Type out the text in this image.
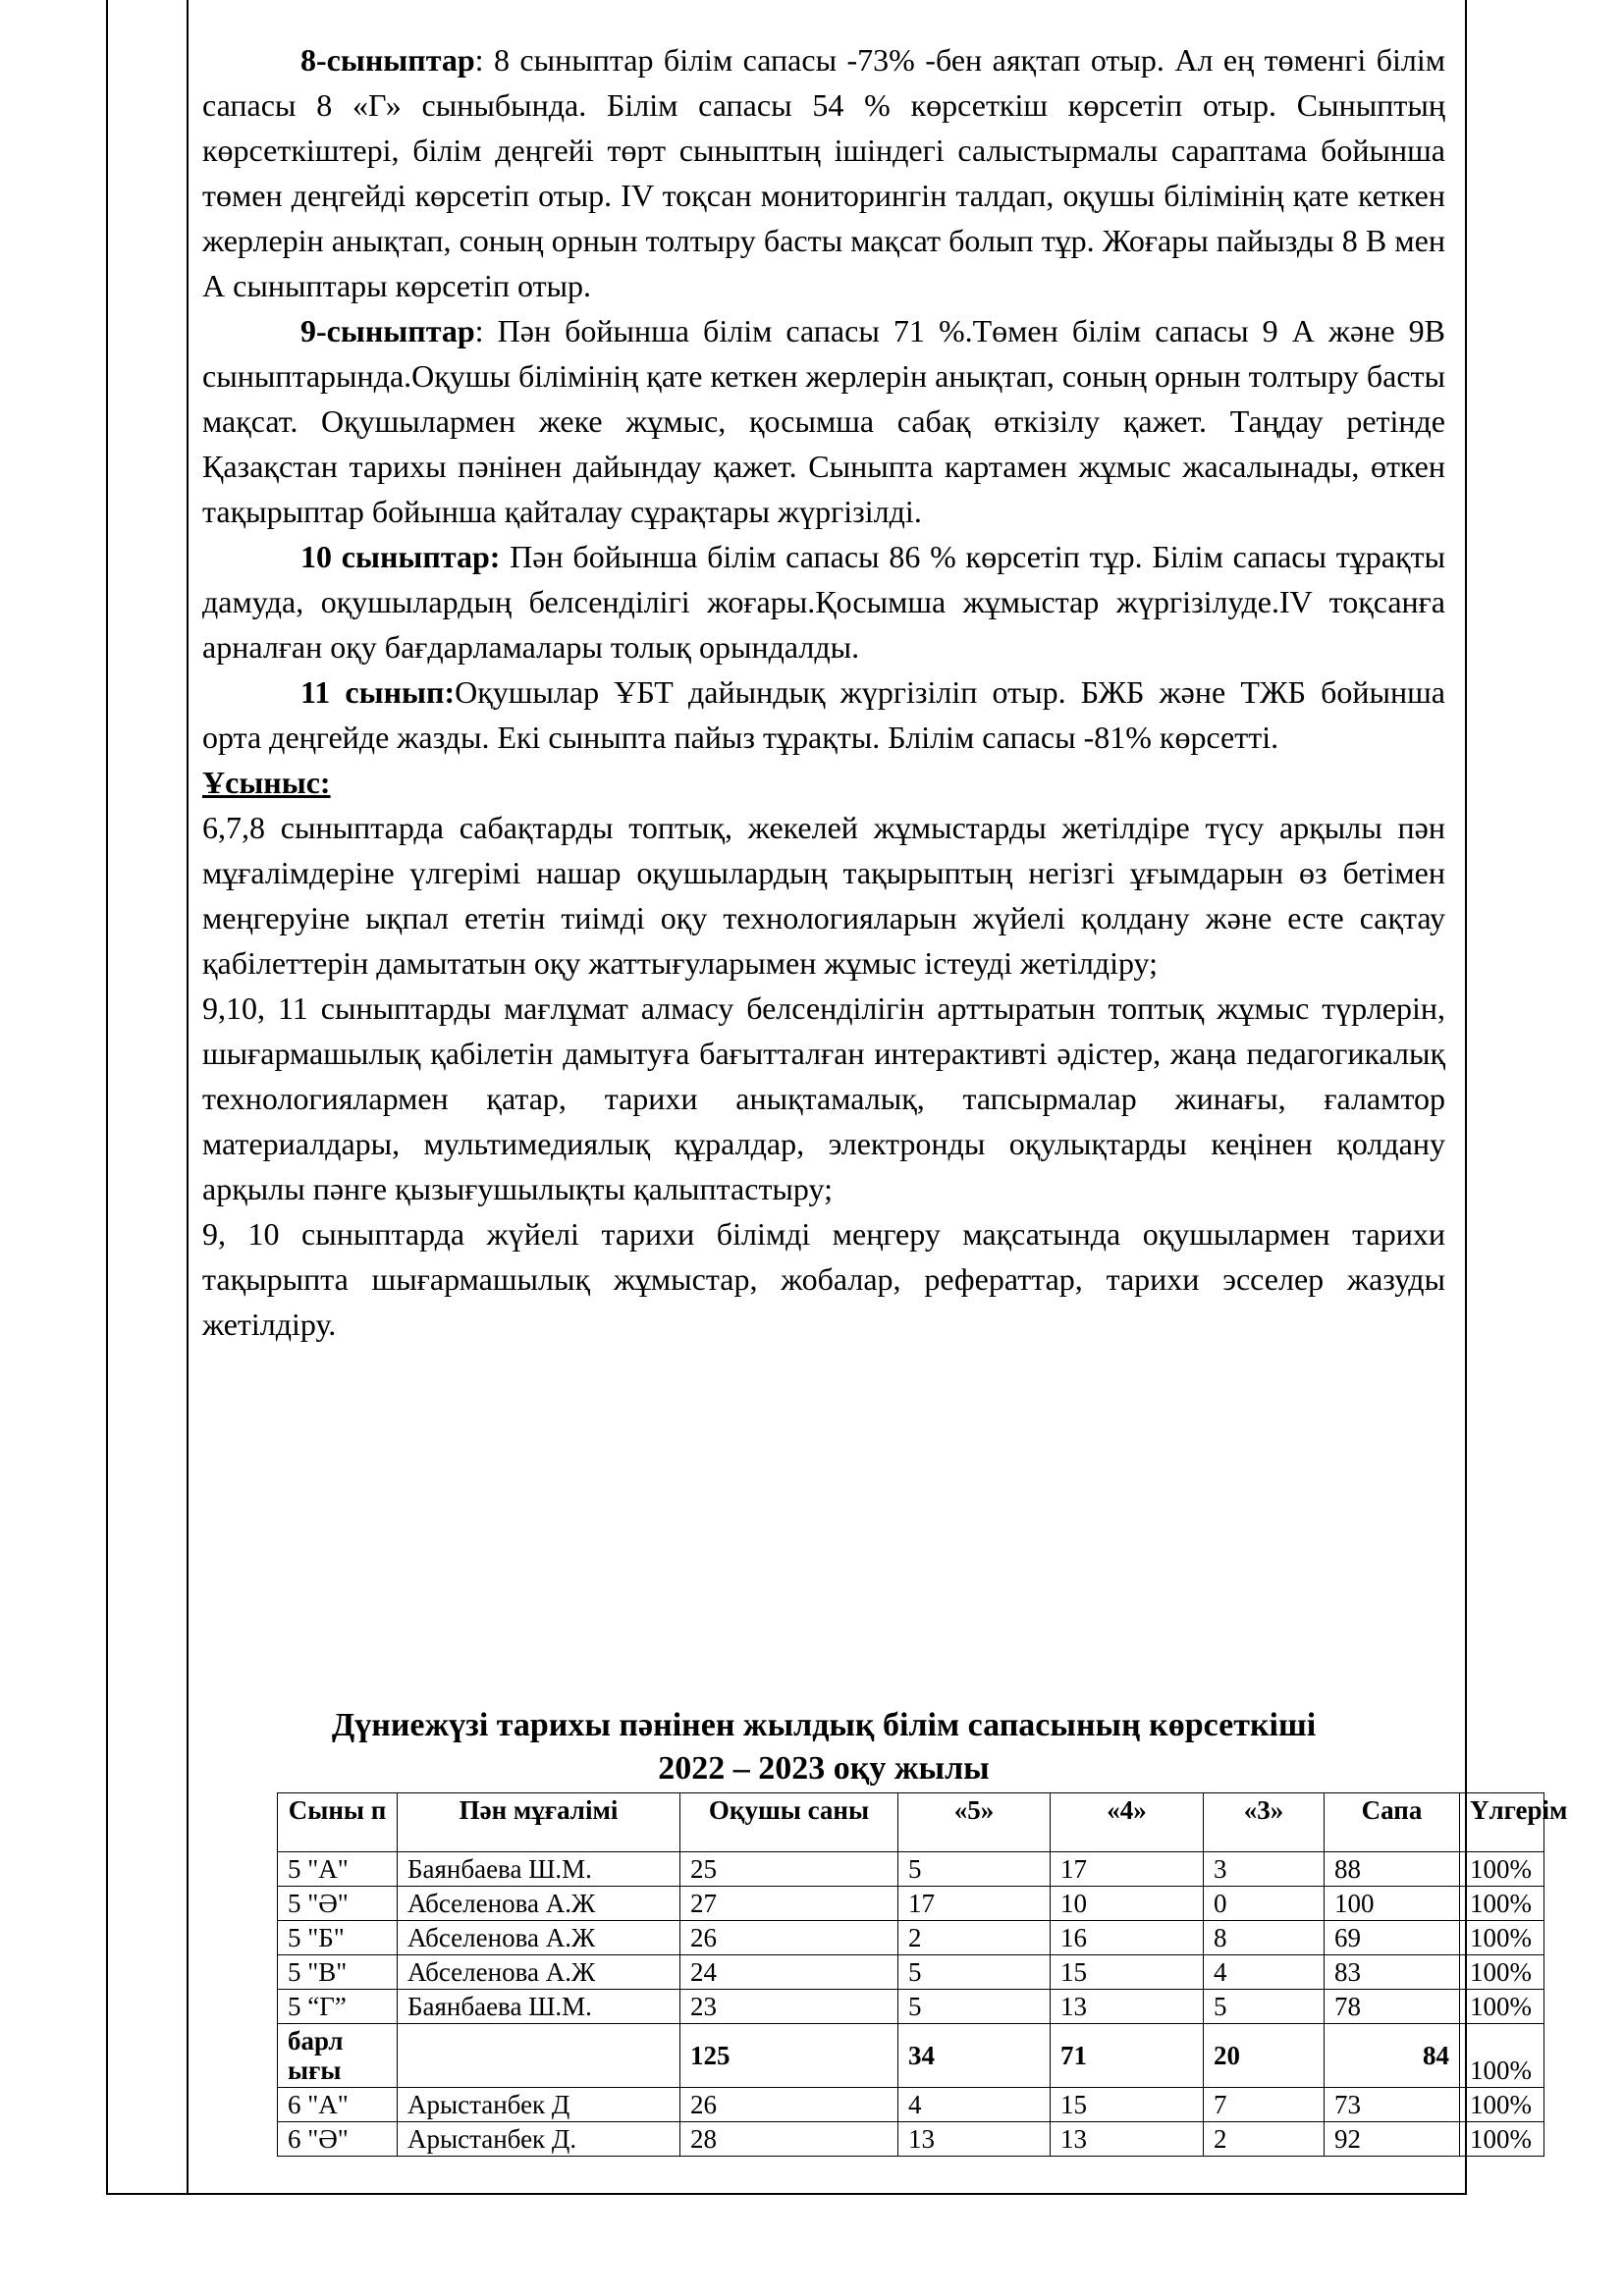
8-сыныптар: 8 сыныптар білім сапасы -73% -бен аяқтап отыр. Ал ең төменгі білім сапасы 8 «Г» сыныбында. Білім сапасы 54 % көрсеткіш көрсетіп отыр. Сыныптың көрсеткіштері, білім деңгейі төрт сыныптың ішіндегі салыстырмалы сараптама бойынша төмен деңгейді көрсетіп отыр. IV тоқсан мониторингін талдап, оқушы білімінің қате кеткен жерлерін анықтап, соның орнын толтыру басты мақсат болып тұр. Жоғары пайызды 8 В мен А сыныптары көрсетіп отыр.

9-сыныптар: Пән бойынша білім сапасы 71 %.Төмен білім сапасы 9 А және 9В сыныптарында.Оқушы білімінің қате кеткен жерлерін анықтап, соның орнын толтыру басты мақсат. Оқушылармен жеке жұмыс, қосымша сабақ өткізілу қажет. Таңдау ретінде Қазақстан тарихы пәнінен дайындау қажет. Сыныпта картамен жұмыс жасалынады, өткен тақырыптар бойынша қайталау сұрақтары жүргізілді.

10 сыныптар: Пән бойынша білім сапасы 86 % көрсетіп тұр. Білім сапасы тұрақты дамуда, оқушылардың белсенділігі жоғары.Қосымша жұмыстар жүргізілуде.IV тоқсанға арналған оқу бағдарламалары толық орындалды.

11 сынып:Оқушылар ҰБТ дайындық жүргізіліп отыр. БЖБ және ТЖБ бойынша орта деңгейде жазды. Екі сыныпта пайыз тұрақты. Блілім сапасы -81% көрсетті.

Ұсыныс:

6,7,8 сыныптарда сабақтарды топтық, жекелей жұмыстарды жетілдіре түсу арқылы пән мұғалімдеріне үлгерімі нашар оқушылардың тақырыптың негізгі ұғымдарын өз бетімен меңгеруіне ықпал ететін тиімді оқу технологияларын жүйелі қолдану және есте сақтау қабілеттерін дамытатын оқу жаттығуларымен жұмыс істеуді жетілдіру;

9,10, 11 сыныптарды мағлұмат алмасу белсенділігін арттыратын топтық жұмыс түрлерін, шығармашылық қабілетін дамытуға бағытталған интерактивті әдістер, жаңа педагогикалық технологиялармен қатар, тарихи анықтамалық, тапсырмалар жинағы, ғаламтор материалдары, мультимедиялық құралдар, электронды оқулықтарды кеңінен қолдану арқылы пәнге қызығушылықты қалыптастыру;

9, 10 сыныптарда жүйелі тарихи білімді меңгеру мақсатында оқушылармен тарихи тақырыпта шығармашылық жұмыстар, жобалар, рефераттар, тарихи эсселер жазуды жетілдіру.

Дүниежүзі тарихы пәнінен жылдық білім сапасының көрсеткіші
2022 – 2023 оқу жылы
Сыны п	Пән мұғалімі	Оқушы саны	«5»	«4»	«3»	Сапа	Үлгерім
5 "А"	Баянбаева Ш.М.	25	5	17	3	88	100%
5 "Ә"	Абселенова А.Ж	27	17	10	0	100	100%
5 "Б"	Абселенова А.Ж	26	2	16	8	69	100%
5 "В"	Абселенова А.Ж	24	5	15	4	83	100%
5 “Г”	Баянбаева Ш.М.	23	5	13	5	78	100%
барл ығы		125	34	71	20	84	100%
6 "А"	Арыстанбек Д	26	4	15	7	73	100%
6 "Ә"	Арыстанбек Д.	28	13	13	2	92	100%
